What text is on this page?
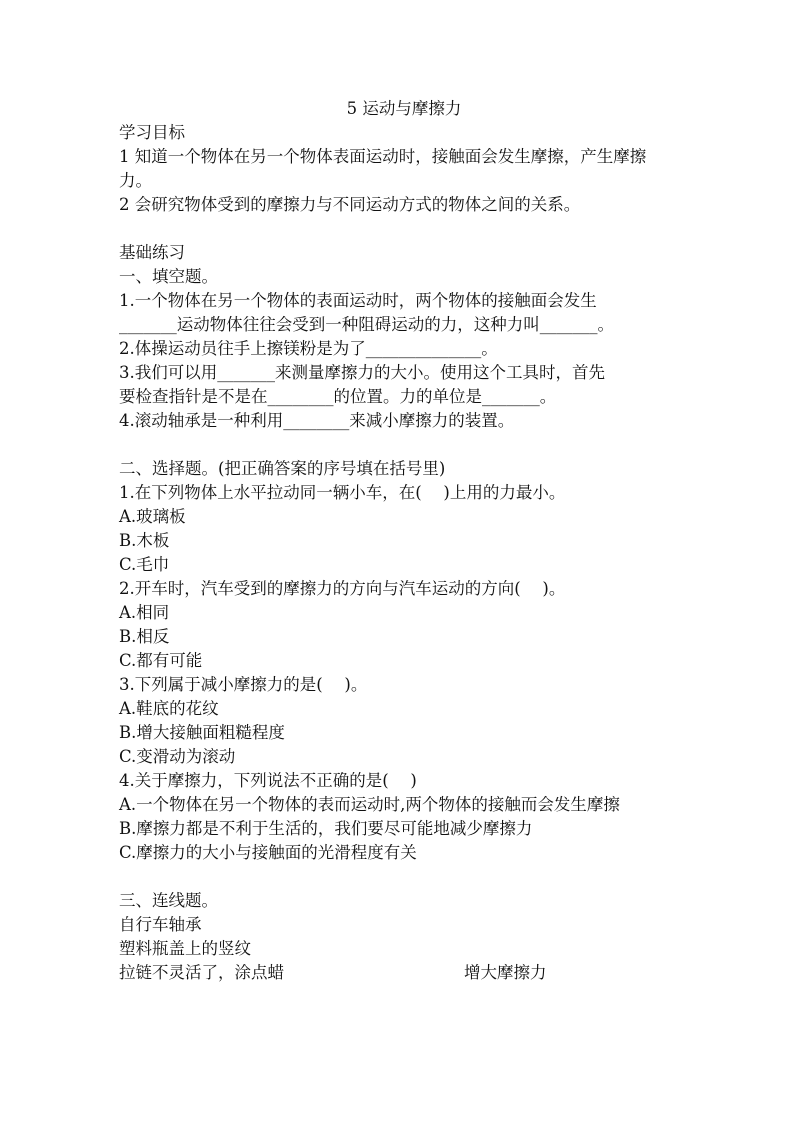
5 运动与摩擦力
学习目标
1 知道一个物体在另一个物体表面运动时，接触面会发生摩擦，产生摩擦力。
2 会研究物体受到的摩擦力与不同运动方式的物体之间的关系。
基础练习
一、填空题。
1.一个物体在另一个物体的表面运动时，两个物体的接触面会发生
_______运动物体往往会受到一种阻碍运动的力，这种力叫_______。
2.体操运动员往手上擦镁粉是为了______________。
3.我们可以用_______来测量摩擦力的大小。使用这个工具时，首先
要检查指针是不是在________的位置。力的单位是_______。
4.滚动轴承是一种利用________来减小摩擦力的装置。
二、选择题。(把正确答案的序号填在括号里)
1.在下列物体上水平拉动同一辆小车，在(　 )上用的力最小。
A.玻璃板
B.木板
C.毛巾
2.开车时，汽车受到的摩擦力的方向与汽车运动的方向(　 )。
A.相同
B.相反
C.都有可能
3.下列属于减小摩擦力的是(　 )。
A.鞋底的花纹
B.增大接触面粗糙程度
C.变滑动为滚动
4.关于摩擦力，下列说法不正确的是(　 )
A.一个物体在另一个物体的表而运动时,两个物体的接触而会发生摩擦
B.摩擦力都是不利于生活的，我们要尽可能地减少摩擦力
C.摩擦力的大小与接触面的光滑程度有关
三、连线题。
自行车轴承
塑料瓶盖上的竖纹
拉链不灵活了，涂点蜡	增大摩擦力
